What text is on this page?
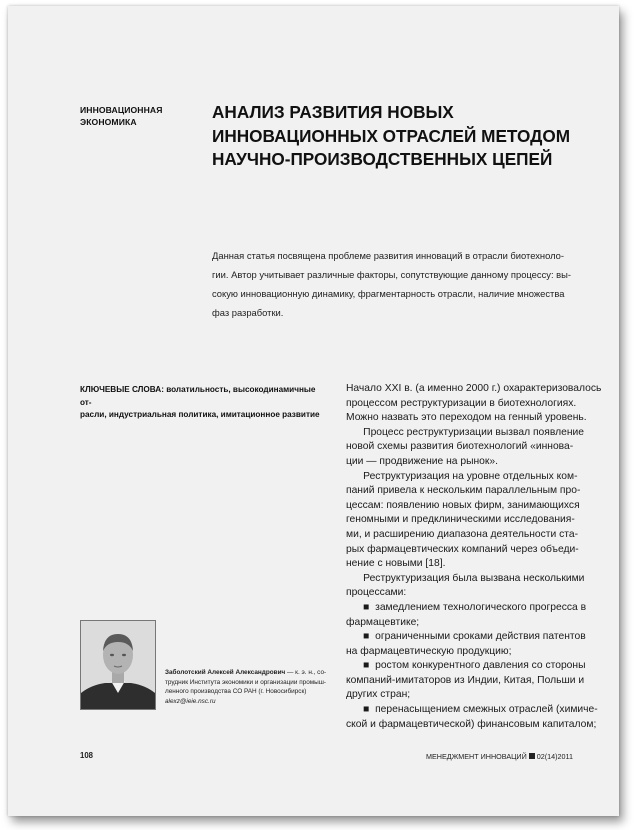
ИННОВАЦИОННАЯ
ЭКОНОМИКА	АНАЛИЗ РАЗВИТИЯ НОВЫХ
ИННОВАЦИОННЫХ ОТРАСЛЕЙ МЕТОДОМ
НАУЧНО-ПРОИЗВОДСТВЕННЫХ ЦЕПЕЙ
Данная статья посвящена проблеме развития инноваций в отрасли биотехноло-
гии. Автор учитывает различные факторы, сопутствующие данному процессу: вы-
сокую инновационную динамику, фрагментарность отрасли, наличие множества
фаз разработки.
КЛЮЧЕВЫЕ СЛОВА: волатильность, высокодинамичные от-
расли, индустриальная политика, имитационное развитие
Начало XXI в. (а именно 2000 г.) охарактеризовалось
процессом реструктуризации в биотехнологиях.
Можно назвать это переходом на генный уровень.
Процесс реструктуризации вызвал появление
новой схемы развития биотехнологий «иннова-
ции — продвижение на рынок».
Реструктуризация на уровне отдельных ком-
паний привела к нескольким параллельным про-
цессам: появлению новых фирм, занимающихся
геномными и предклиническими исследования-
ми, и расширению диапазона деятельности ста-
рых фармацевтических компаний через объеди-
нение с новыми [18].
Реструктуризация была вызвана несколькими
процессами:
■  замедлением технологического прогресса в
фармацевтике;
■  ограниченными сроками действия патентов
на фармацевтическую продукцию;
■  ростом конкурентного давления со стороны
компаний-имитаторов из Индии, Китая, Польши и
других стран;
■  перенасыщением смежных отраслей (химиче-
ской и фармацевтической) финансовым капиталом;
Заболотский Алексей Александрович — к. э. н., со-
трудник Института экономики и организации промыш-
ленного производства СО РАН (г. Новосибирск)
alexz@ieie.nsc.ru
108	МЕНЕДЖМЕНТ ИННОВАЦИЙ 02(14)2011
